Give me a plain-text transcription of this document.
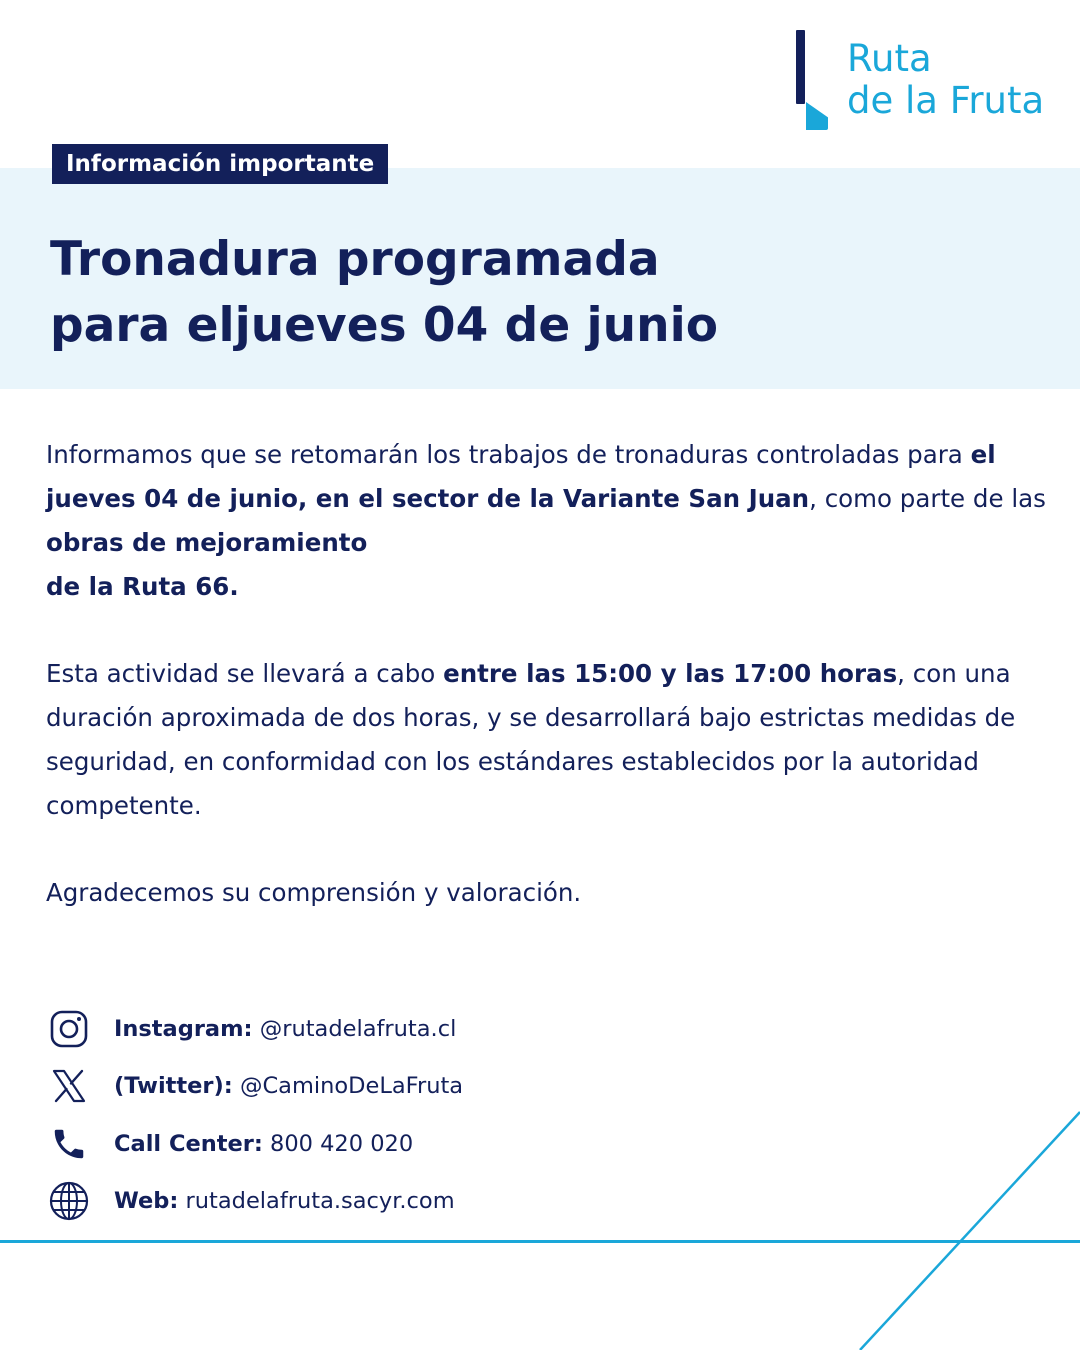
Ruta
de la Fruta
Información importante
Tronadura programada
para eljueves 04 de junio

Informamos que se retomarán los trabajos de tronaduras controladas para el jueves 04 de junio, en el sector de la Variante San Juan, como parte de las obras de mejoramiento
de la Ruta 66.

Esta actividad se llevará a cabo entre las 15:00 y las 17:00 horas, con una duración aproximada de dos horas, y se desarrollará bajo estrictas medidas de seguridad, en conformidad con los estándares establecidos por la autoridad competente.

Agradecemos su comprensión y valoración.

Instagram: @rutadelafruta.cl
(Twitter): @CaminoDeLaFruta
Call Center: 800 420 020
Web: rutadelafruta.sacyr.com
